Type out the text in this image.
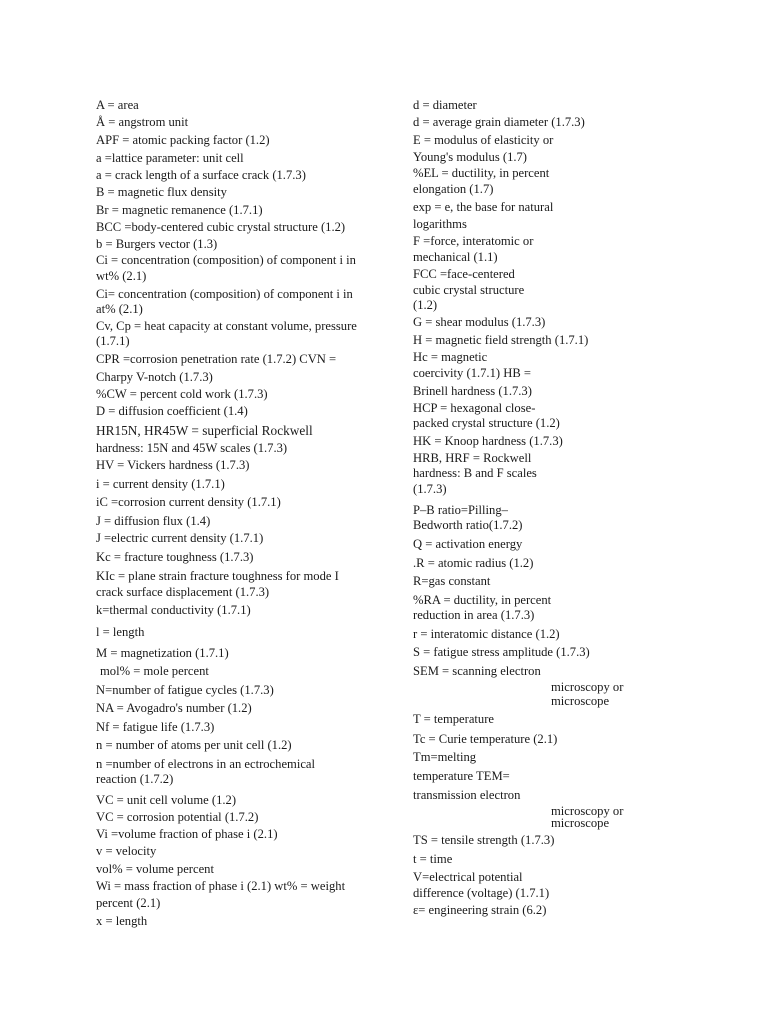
A = area
Å = angstrom unit
APF = atomic packing factor (1.2)
a =lattice parameter: unit cell
a = crack length of a surface crack (1.7.3)
B = magnetic flux density
Br = magnetic remanence (1.7.1)
BCC =body-centered cubic crystal structure (1.2)
b = Burgers vector (1.3)
Ci = concentration (composition) of component i in
wt% (2.1)
Ci= concentration (composition) of component i in
at% (2.1)
Cv, Cp = heat capacity at constant volume, pressure
(1.7.1)
CPR =corrosion penetration rate (1.7.2) CVN =
Charpy V-notch (1.7.3)
%CW = percent cold work (1.7.3)
D = diffusion coefficient (1.4)
HR15N, HR45W = superficial Rockwell
hardness: 15N and 45W scales (1.7.3)
HV = Vickers hardness (1.7.3)
i = current density (1.7.1)
iC =corrosion current density (1.7.1)
J = diffusion flux (1.4)
J =electric current density (1.7.1)
Kc = fracture toughness (1.7.3)
KIc = plane strain fracture toughness for mode I
crack surface displacement (1.7.3)
k=thermal conductivity (1.7.1)
l = length
M = magnetization (1.7.1)
mol% = mole percent
N=number of fatigue cycles (1.7.3)
NA = Avogadro's number (1.2)
Nf = fatigue life (1.7.3)
n = number of atoms per unit cell (1.2)
n =number of electrons in an ectrochemical
reaction (1.7.2)
VC = unit cell volume (1.2)
VC = corrosion potential (1.7.2)
Vi =volume fraction of phase i (2.1)
v = velocity
vol% = volume percent
Wi = mass fraction of phase i (2.1) wt% = weight
percent (2.1)
x = length
d = diameter
d = average grain diameter (1.7.3)
E = modulus of elasticity or
Young's modulus (1.7)
%EL = ductility, in percent
elongation (1.7)
exp = e, the base for natural
logarithms
F =force, interatomic or
mechanical (1.1)
FCC =face-centered
cubic crystal structure
(1.2)
G = shear modulus (1.7.3)
H = magnetic field strength (1.7.1)
Hc = magnetic
coercivity (1.7.1) HB =
Brinell hardness (1.7.3)
HCP = hexagonal close-
packed crystal structure (1.2)
HK = Knoop hardness (1.7.3)
HRB, HRF = Rockwell
hardness: B and F scales
(1.7.3)
P–B ratio=Pilling–
Bedworth ratio(1.7.2)
Q = activation energy
.R = atomic radius (1.2)
R=gas constant
%RA = ductility, in percent
reduction in area (1.7.3)
r = interatomic distance (1.2)
S = fatigue stress amplitude (1.7.3)
SEM = scanning electron
microscopy or
microscope
T = temperature
Tc = Curie temperature (2.1)
Tm=melting
temperature TEM=
transmission electron
microscopy or
microscope
TS = tensile strength (1.7.3)
t = time
V=electrical potential
difference (voltage) (1.7.1)
ε= engineering strain (6.2)
